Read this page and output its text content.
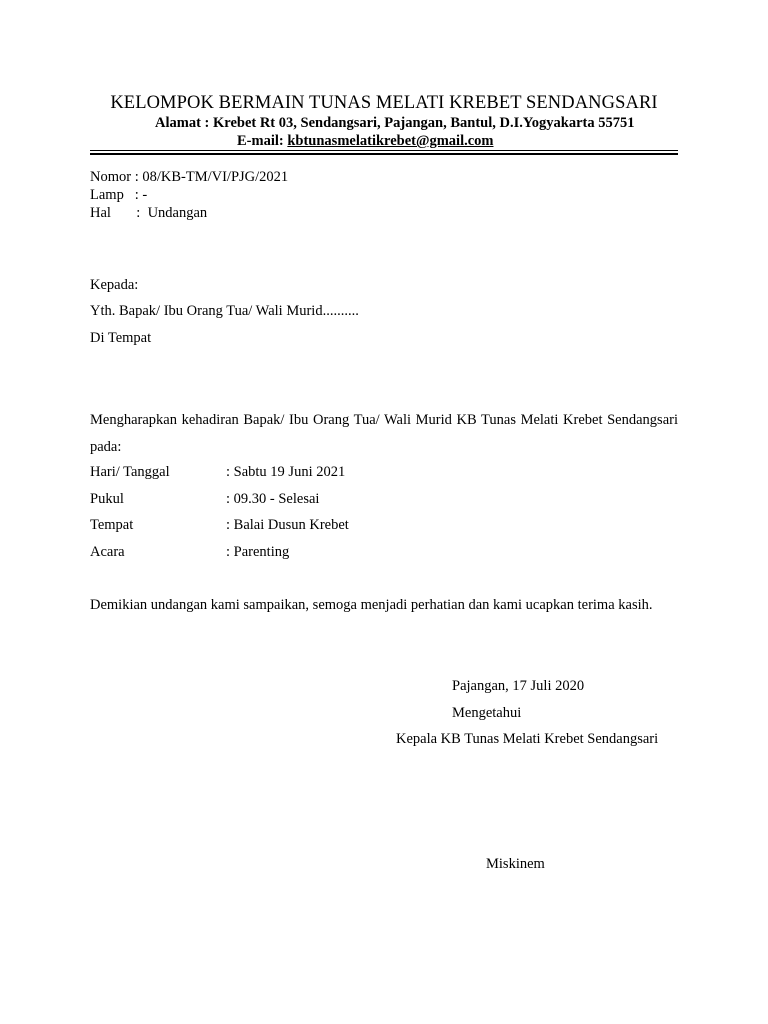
KELOMPOK BERMAIN TUNAS MELATI KREBET SENDANGSARI
Alamat : Krebet Rt 03, Sendangsari, Pajangan, Bantul, D.I.Yogyakarta 55751
E-mail: kbtunasmelatikrebet@gmail.com
Nomor : 08/KB-TM/VI/PJG/2021
Lamp   : -
Hal       :  Undangan
Kepada:
Yth. Bapak/ Ibu Orang Tua/ Wali Murid..........
Di Tempat
Mengharapkan kehadiran Bapak/ Ibu Orang Tua/ Wali Murid KB Tunas Melati Krebet Sendangsari pada:
Hari/ Tanggal	: Sabtu 19 Juni 2021
Pukul	: 09.30 - Selesai
Tempat	: Balai Dusun Krebet
Acara	: Parenting
Demikian undangan kami sampaikan, semoga menjadi perhatian dan kami ucapkan terima kasih.
Pajangan, 17 Juli 2020
Mengetahui
Kepala KB Tunas Melati Krebet Sendangsari
Miskinem
